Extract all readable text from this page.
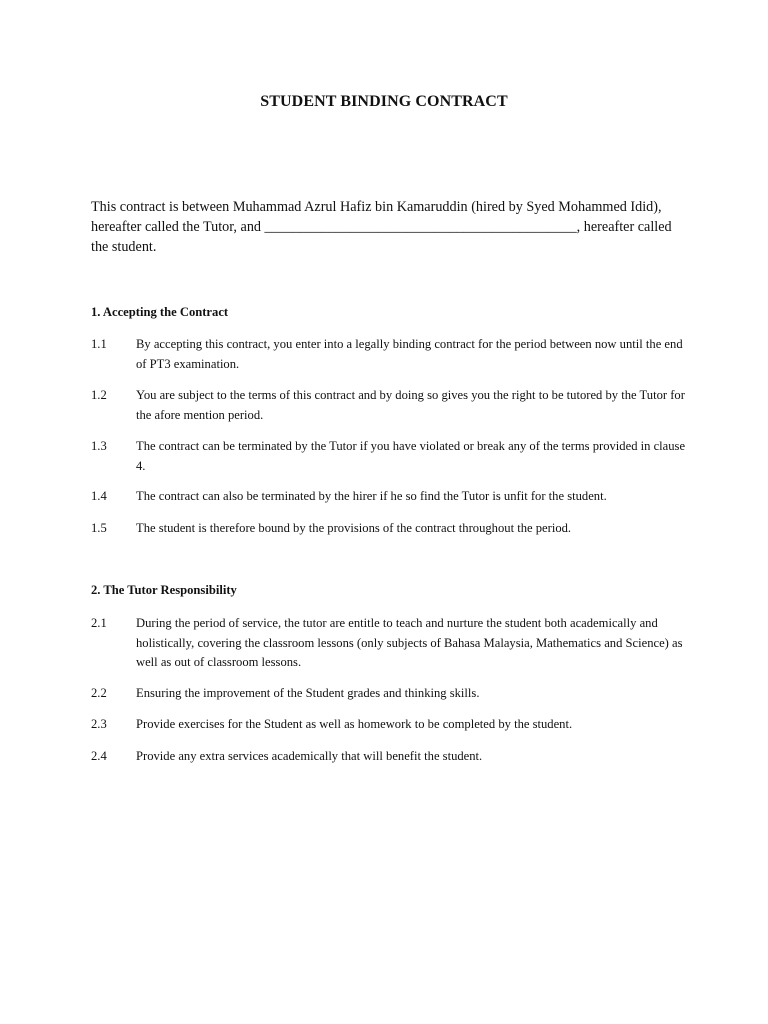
STUDENT BINDING CONTRACT
This contract is between Muhammad Azrul Hafiz bin Kamaruddin (hired by Syed Mohammed Idid), hereafter called the Tutor, and ____________________________________________, hereafter called the student.
1. Accepting the Contract
1.1 By accepting this contract, you enter into a legally binding contract for the period between now until the end of PT3 examination.
1.2 You are subject to the terms of this contract and by doing so gives you the right to be tutored by the Tutor for the afore mention period.
1.3 The contract can be terminated by the Tutor if you have violated or break any of the terms provided in clause 4.
1.4 The contract can also be terminated by the hirer if he so find the Tutor is unfit for the student.
1.5 The student is therefore bound by the provisions of the contract throughout the period.
2. The Tutor Responsibility
2.1 During the period of service, the tutor are entitle to teach and nurture the student both academically and holistically, covering the classroom lessons (only subjects of Bahasa Malaysia, Mathematics and Science) as well as out of classroom lessons.
2.2 Ensuring the improvement of the Student grades and thinking skills.
2.3 Provide exercises for the Student as well as homework to be completed by the student.
2.4 Provide any extra services academically that will benefit the student.
